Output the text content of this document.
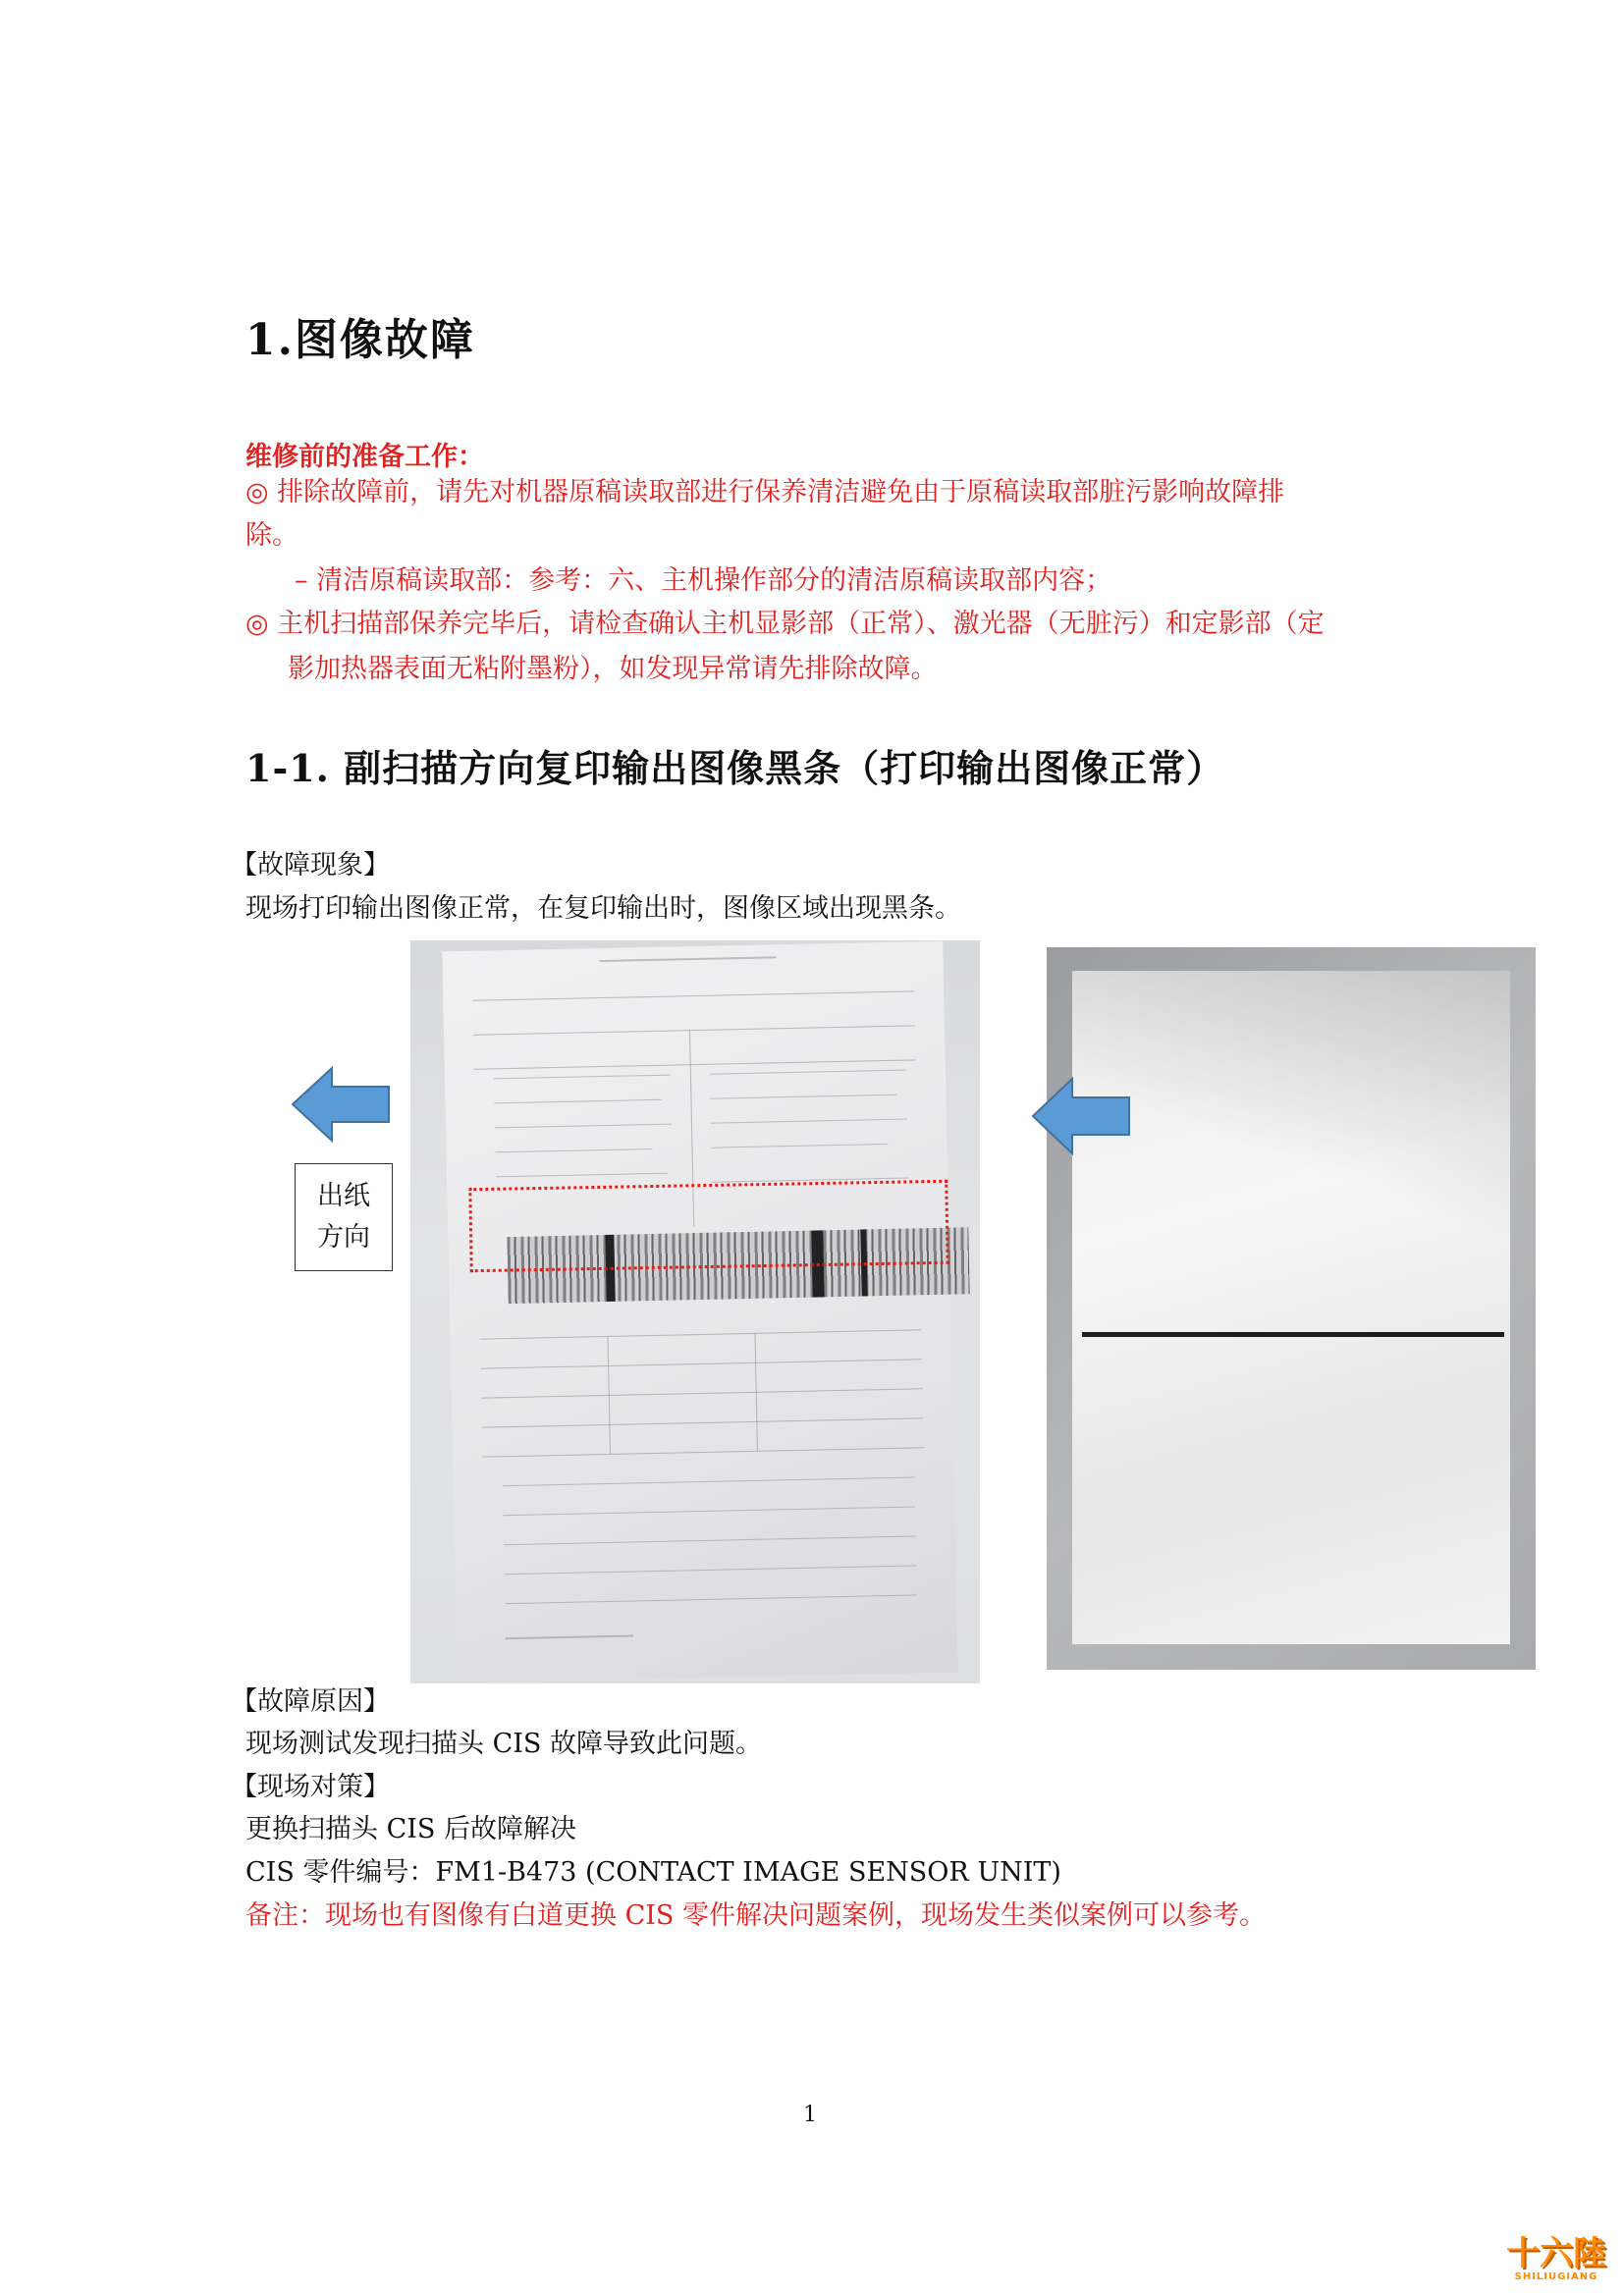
1.图像故障
维修前的准备工作：
◎ 排除故障前，请先对机器原稿读取部进行保养清洁避免由于原稿读取部脏污影响故障排
除。
– 清洁原稿读取部：参考：六、主机操作部分的清洁原稿读取部内容；
◎ 主机扫描部保养完毕后，请检查确认主机显影部（正常）、激光器（无脏污）和定影部（定
影加热器表面无粘附墨粉），如发现异常请先排除故障。
1-1. 副扫描方向复印输出图像黑条（打印输出图像正常）
【故障现象】
现场打印输出图像正常，在复印输出时，图像区域出现黑条。
出纸
方向
【故障原因】
现场测试发现扫描头 CIS 故障导致此问题。
【现场对策】
更换扫描头 CIS 后故障解决
CIS 零件编号：FM1-B473 (CONTACT IMAGE SENSOR UNIT)
备注：现场也有图像有白道更换 CIS 零件解决问题案例，现场发生类似案例可以参考。
1
十六陸
SHILIUGIANG
